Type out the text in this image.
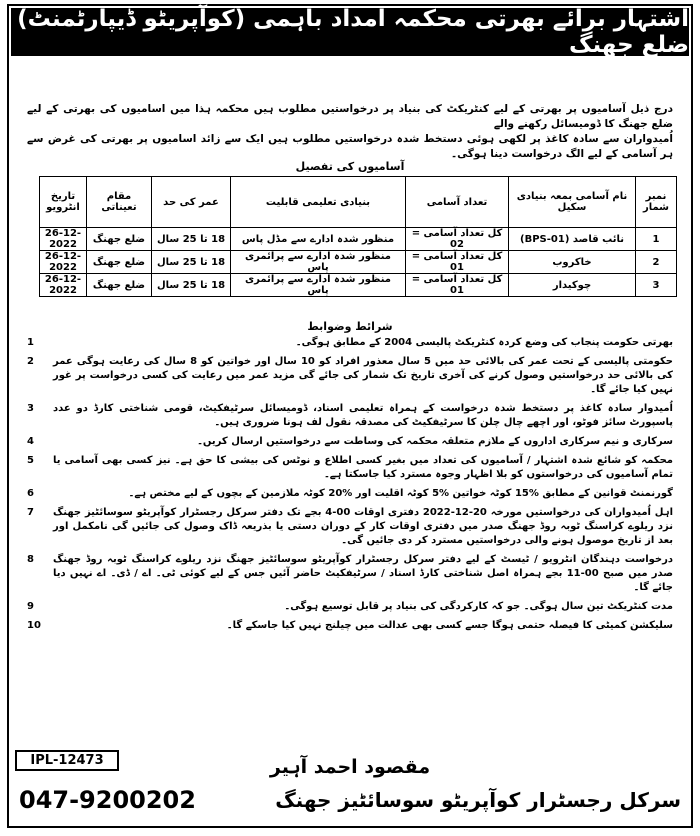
اشتہار برائے بھرتی محکمہ امداد باہمی (کوآپریٹو ڈیپارٹمنٹ) ضلع جھنگ

درج ذیل آسامیوں پر بھرتی کے لیے کنٹریکٹ کی بنیاد پر درخواستیں مطلوب ہیں محکمہ ہذا میں اسامیوں کی بھرتی کے لیے ضلع جھنگ کا ڈومیسائل رکھنے والے

اُمیدواران سے سادہ کاغذ پر لکھی ہوئی دستخط شدہ درخواستیں مطلوب ہیں ایک سے زائد اسامیوں پر بھرتی کی غرض سے ہر آسامی کے لیے الگ درخواست دینا ہوگی۔

آسامیوں کی تفصیل
نمبر شمار	نام آسامی بمعہ بنیادی سکیل	تعداد آسامی	بنیادی تعلیمی قابلیت	عمر کی حد	مقام تعیناتی	تاریخ انٹرویو
1	نائب قاصد (BPS-01)	کل تعداد آسامی = 02	منظور شدہ ادارے سے مڈل پاس	18 تا 25 سال	ضلع جھنگ	26-12-2022
2	خاکروب	کل تعداد آسامی = 01	منظور شدہ ادارے سے پرائمری پاس	18 تا 25 سال	ضلع جھنگ	26-12-2022
3	چوکیدار	کل تعداد آسامی = 01	منظور شدہ ادارے سے پرائمری پاس	18 تا 25 سال	ضلع جھنگ	26-12-2022
شرائط وضوابط
بھرتی حکومت پنجاب کی وضع کردہ کنٹریکٹ پالیسی 2004 کے مطابق ہوگی۔
1
حکومتی پالیسی کے تحت عمر کی بالائی حد میں 5 سال معذور افراد کو 10 سال اور خواتین کو 8 سال کی رعایت ہوگی عمر کی بالائی حد درخواستیں وصول کرنے کی آخری تاریخ تک شمار کی جائے گی مزید عمر میں رعایت کی کسی درخواست پر غور نہیں کیا جائے گا۔
2
اُمیدوار سادہ کاغذ پر دستخط شدہ درخواست کے ہمراہ تعلیمی اسناد، ڈومیسائل سرٹیفکیٹ، قومی شناختی کارڈ دو عدد پاسپورٹ سائز فوٹو، اور اچھے چال چلن کا سرٹیفکیٹ کی مصدقہ نقول لف ہونا ضروری ہیں۔
3
سرکاری و نیم سرکاری اداروں کے ملازم متعلقہ محکمہ کی وساطت سے درخواستیں ارسال کریں۔
4
محکمہ کو شائع شدہ اشتہار / آسامیوں کی تعداد میں بغیر کسی اطلاع و نوٹس کی بیشی کا حق ہے۔ نیز کسی بھی آسامی یا تمام آسامیوں کی درخواستوں کو بلا اظہار وجوہ مسترد کیا جاسکتا ہے۔
5
گورنمنٹ قوانین کے مطابق %15 کوٹہ خواتین %5 کوٹہ اقلیت اور %20 کوٹہ ملازمین کے بچوں کے لیے مختص ہے۔
6
اہل اُمیدواران کی درخواستیں مورخہ 20-12-2022 دفتری اوقات 00-4 بجے تک دفتر سرکل رجسٹرار کوآپریٹو سوسائٹیز جھنگ نزد ریلوے کراسنگ ٹوبہ روڈ جھنگ صدر میں دفتری اوقات کار کے دوران دستی یا بذریعہ ڈاک وصول کی جائیں گی نامکمل اور بعد از تاریخ موصول ہونے والی درخواستیں مسترد کر دی جائیں گی۔
7
درخواست دہندگان انٹرویو / ٹیسٹ کے لیے دفتر سرکل رجسٹرار کوآپریٹو سوسائٹیز جھنگ نزد ریلوے کراسنگ ٹوبہ روڈ جھنگ صدر میں صبح 00-11 بجے ہمراہ اصل شناختی کارڈ اسناد / سرٹیفکیٹ حاضر آئیں جس کے لیے کوئی ٹی۔ اے / ڈی۔ اے نہیں دیا جائے گا۔
8
مدت کنٹریکٹ تین سال ہوگی۔ جو کہ کارکردگی کی بنیاد پر قابل توسیع ہوگی۔
9
سلیکشن کمیٹی کا فیصلہ حتمی ہوگا جسے کسی بھی عدالت میں چیلنج نہیں کیا جاسکے گا۔
10
IPL-12473	مقصود احمد آہیر
047-9200202	سرکل رجسٹرار کوآپریٹو سوسائٹیز جھنگ
